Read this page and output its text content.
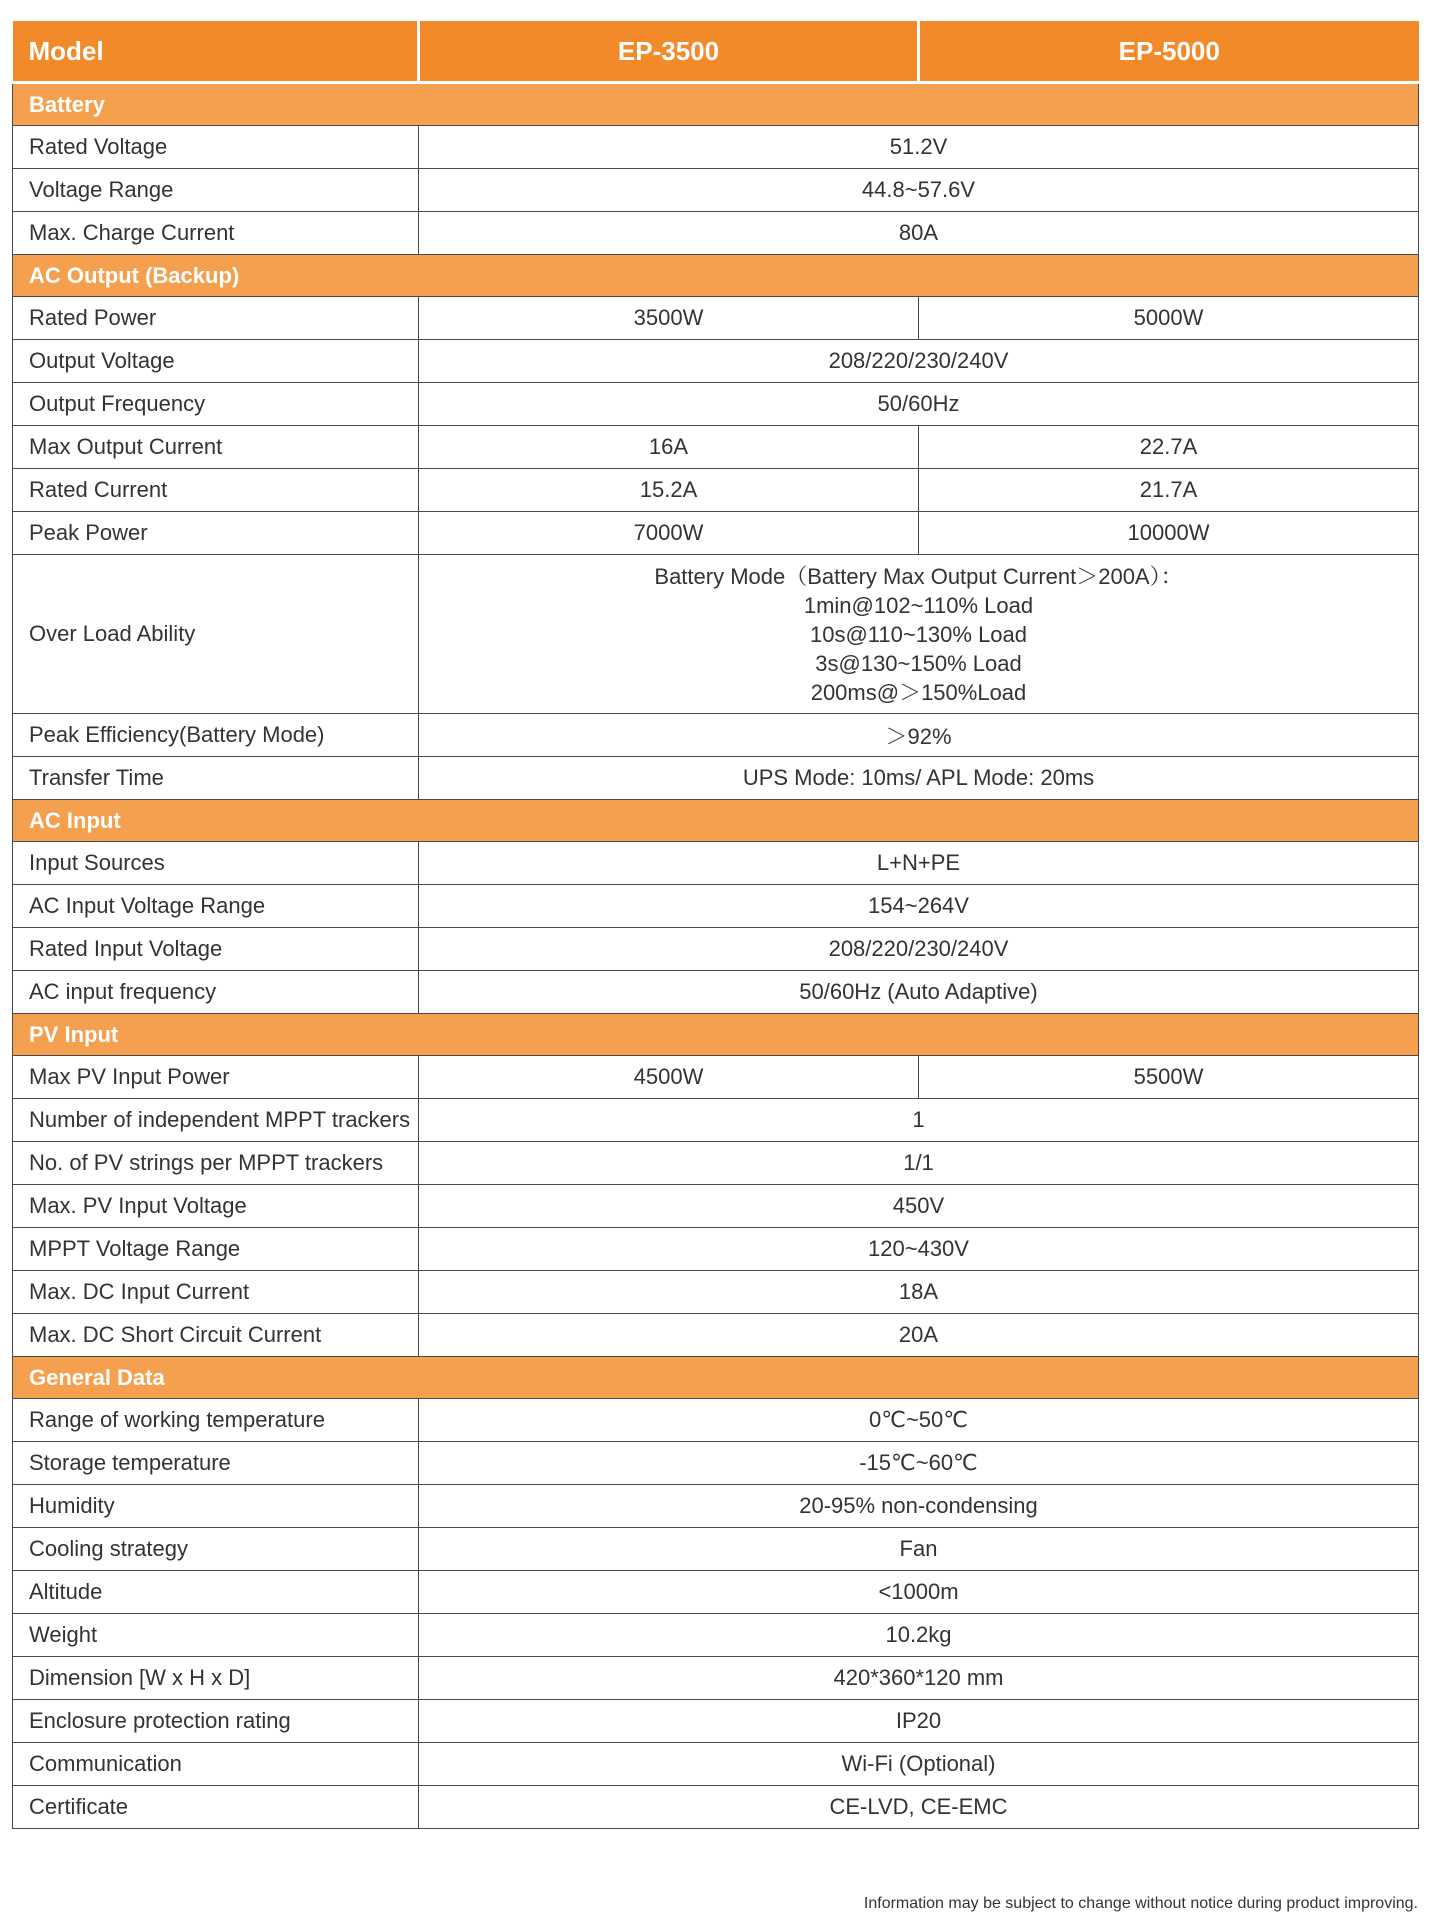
Model	EP-3500	EP-5000
Battery		
Rated Voltage	51.2V	
Voltage Range	44.8~57.6V	
Max. Charge Current	80A	
AC Output (Backup)		
Rated Power	3500W	5000W
Output Voltage	208/220/230/240V	
Output Frequency	50/60Hz	
Max Output Current	16A	22.7A
Rated Current	15.2A	21.7A
Peak Power	7000W	10000W
Over Load Ability	Battery Mode（Battery Max Output Current＞200A）：
1min@102~110% Load
10s@110~130% Load
3s@130~150% Load
200ms@＞150%Load	

Peak Efficiency(Battery Mode)	＞92%	
Transfer Time	UPS Mode: 10ms/ APL Mode: 20ms	
AC Input		
Input Sources	L+N+PE	
AC Input Voltage Range	154~264V	
Rated Input Voltage	208/220/230/240V	
AC input frequency	50/60Hz (Auto Adaptive)	
PV Input		
Max PV Input Power	4500W	5500W
Number of independent MPPT trackers	1	
No. of PV strings per MPPT trackers	1/1	
Max. PV Input Voltage	450V	
MPPT Voltage Range	120~430V	
Max. DC Input Current	18A	
Max. DC Short Circuit Current	20A	
General Data		
Range of working temperature	0℃~50℃	
Storage temperature	-15℃~60℃	
Humidity	20-95% non-condensing	
Cooling strategy	Fan	
Altitude	<1000m	
Weight	10.2kg	
Dimension [W x H x D]	420*360*120 mm	
Enclosure protection rating	IP20	
Communication	Wi-Fi (Optional)	
Certificate	CE-LVD, CE-EMC	
Information may be subject to change without notice during product improving.
